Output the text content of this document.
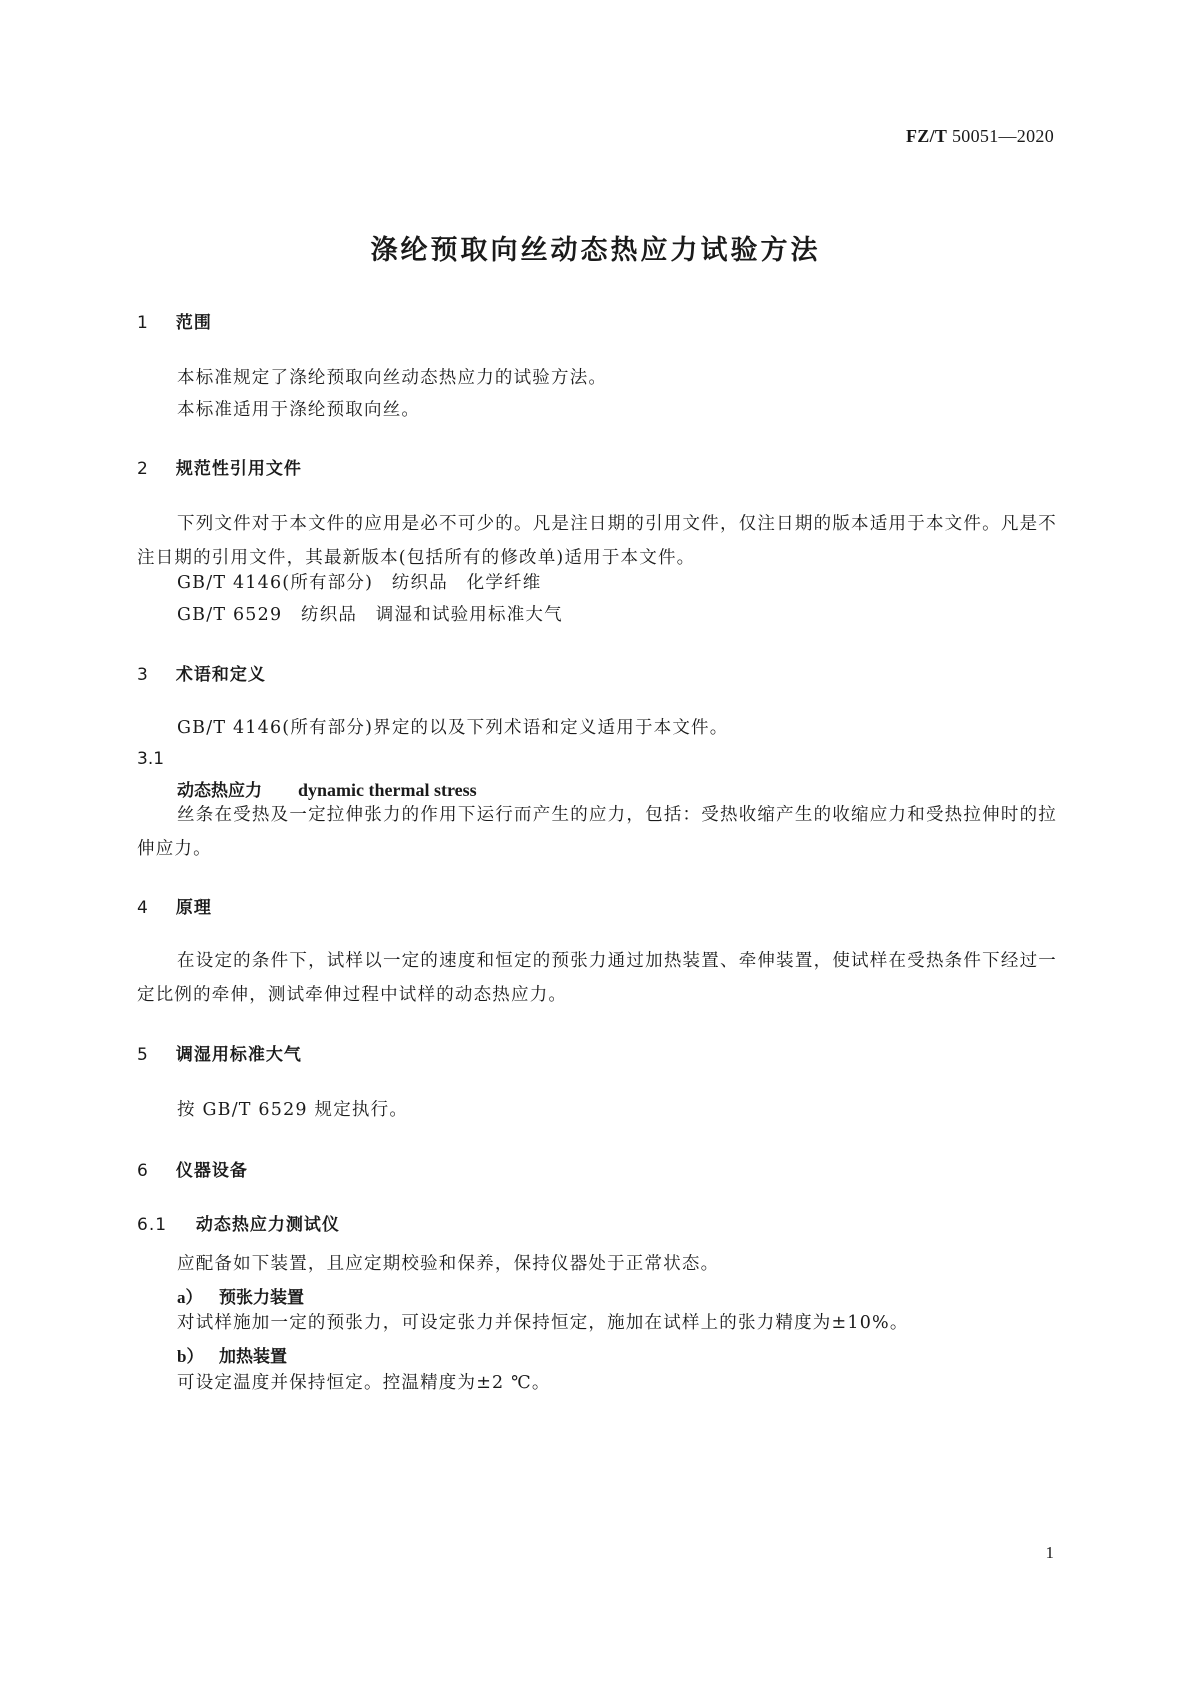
FZ/T 50051—2020
涤纶预取向丝动态热应力试验方法
1 范围
本标准规定了涤纶预取向丝动态热应力的试验方法。
本标准适用于涤纶预取向丝。
2 规范性引用文件
下列文件对于本文件的应用是必不可少的。凡是注日期的引用文件，仅注日期的版本适用于本文件。凡是不注日期的引用文件，其最新版本(包括所有的修改单)适用于本文件。
GB/T 4146(所有部分)　纺织品　化学纤维
GB/T 6529　纺织品　调湿和试验用标准大气
3 术语和定义
GB/T 4146(所有部分)界定的以及下列术语和定义适用于本文件。
3.1
动态热应力 dynamic thermal stress
丝条在受热及一定拉伸张力的作用下运行而产生的应力，包括：受热收缩产生的收缩应力和受热拉伸时的拉伸应力。
4 原理
在设定的条件下，试样以一定的速度和恒定的预张力通过加热装置、牵伸装置，使试样在受热条件下经过一定比例的牵伸，测试牵伸过程中试样的动态热应力。
5 调湿用标准大气
按 GB/T 6529 规定执行。
6 仪器设备
6.1 动态热应力测试仪
应配备如下装置，且应定期校验和保养，保持仪器处于正常状态。
a） 预张力装置
对试样施加一定的预张力，可设定张力并保持恒定，施加在试样上的张力精度为±10%。
b） 加热装置
可设定温度并保持恒定。控温精度为±2 ℃。
1
